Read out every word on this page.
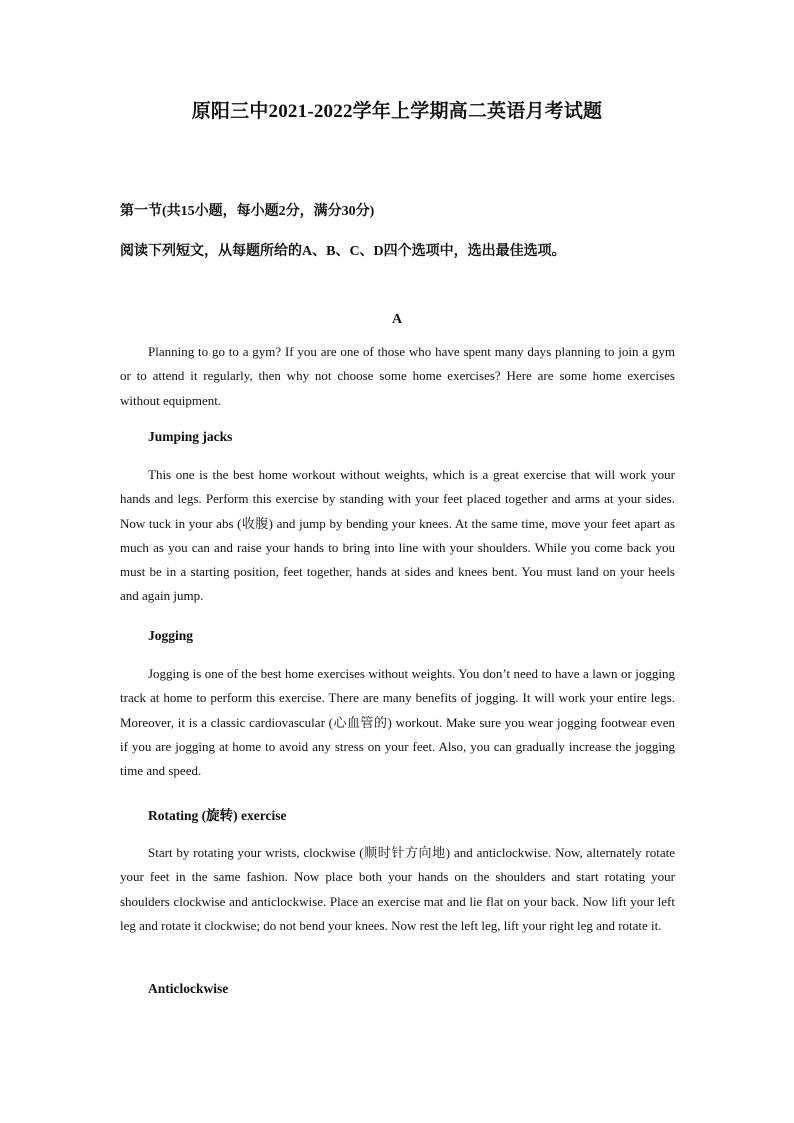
原阳三中2021-2022学年上学期高二英语月考试题
第一节(共15小题，每小题2分，满分30分)
阅读下列短文，从每题所给的A、B、C、D四个选项中，选出最佳选项。
A

Planning to go to a gym? If you are one of those who have spent many days planning to join a gym or to attend it regularly, then why not choose some home exercises? Here are some home exercises without equipment.

Jumping jacks

This one is the best home workout without weights, which is a great exercise that will work your hands and legs. Perform this exercise by standing with your feet placed together and arms at your sides. Now tuck in your abs (收腹) and jump by bending your knees. At the same time, move your feet apart as much as you can and raise your hands to bring into line with your shoulders. While you come back you must be in a starting position, feet together, hands at sides and knees bent. You must land on your heels and again jump.

Jogging

Jogging is one of the best home exercises without weights. You don’t need to have a lawn or jogging track at home to perform this exercise. There are many benefits of jogging. It will work your entire legs. Moreover, it is a classic cardiovascular (心血管的) workout. Make sure you wear jogging footwear even if you are jogging at home to avoid any stress on your feet. Also, you can gradually increase the jogging time and speed.

Rotating (旋转) exercise

Start by rotating your wrists, clockwise (顺时针方向地) and anticlockwise. Now, alternately rotate your feet in the same fashion. Now place both your hands on the shoulders and start rotating your shoulders clockwise and anticlockwise. Place an exercise mat and lie flat on your back. Now lift your left leg and rotate it clockwise; do not bend your knees. Now rest the left leg, lift your right leg and rotate it.

Anticlockwise
